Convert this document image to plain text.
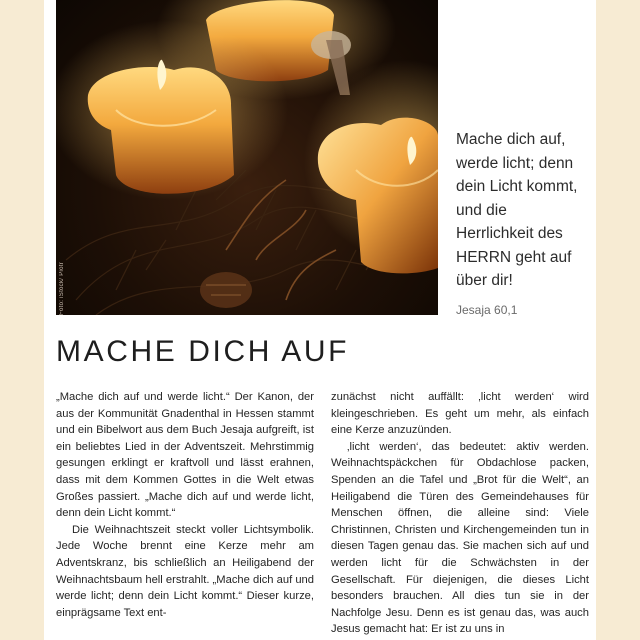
Foto: iStock/ Piotr
Mache dich auf, werde licht; denn dein Licht kommt, und die Herrlichkeit des HERRN geht auf über dir!
Jesaja 60,1
MACHE DICH AUF

„Mache dich auf und werde licht.“ Der Kanon, der aus der Kommunität Gnadenthal in Hessen stammt und ein Bibelwort aus dem Buch Jesaja aufgreift, ist ein beliebtes Lied in der Adventszeit. Mehrstimmig gesungen erklingt er kraftvoll und lässt erahnen, dass mit dem Kommen Gottes in die Welt etwas Großes passiert. „Mache dich auf und werde licht, denn dein Licht kommt.“

Die Weihnachtszeit steckt voller Lichtsymbolik. Jede Woche brennt eine Kerze mehr am Adventskranz, bis schließlich an Heiligabend der Weihnachtsbaum hell erstrahlt. „Mache dich auf und werde licht; denn dein Licht kommt.“ Dieser kurze, einprägsame Text ent-

zunächst nicht auffällt: ‚licht werden‘ wird kleingeschrieben. Es geht um mehr, als einfach eine Kerze anzuzünden.

‚licht werden‘, das bedeutet: aktiv werden. Weihnachtspäckchen für Obdachlose packen, Spenden an die Tafel und „Brot für die Welt“, an Heiligabend die Türen des Gemeindehauses für Menschen öffnen, die alleine sind: Viele Christinnen, Christen und Kirchengemeinden tun in diesen Tagen genau das. Sie machen sich auf und werden licht für die Schwächsten in der Gesellschaft. Für diejenigen, die dieses Licht besonders brauchen. All dies tun sie in der Nachfolge Jesu. Denn es ist genau das, was auch Jesus gemacht hat: Er ist zu uns in
